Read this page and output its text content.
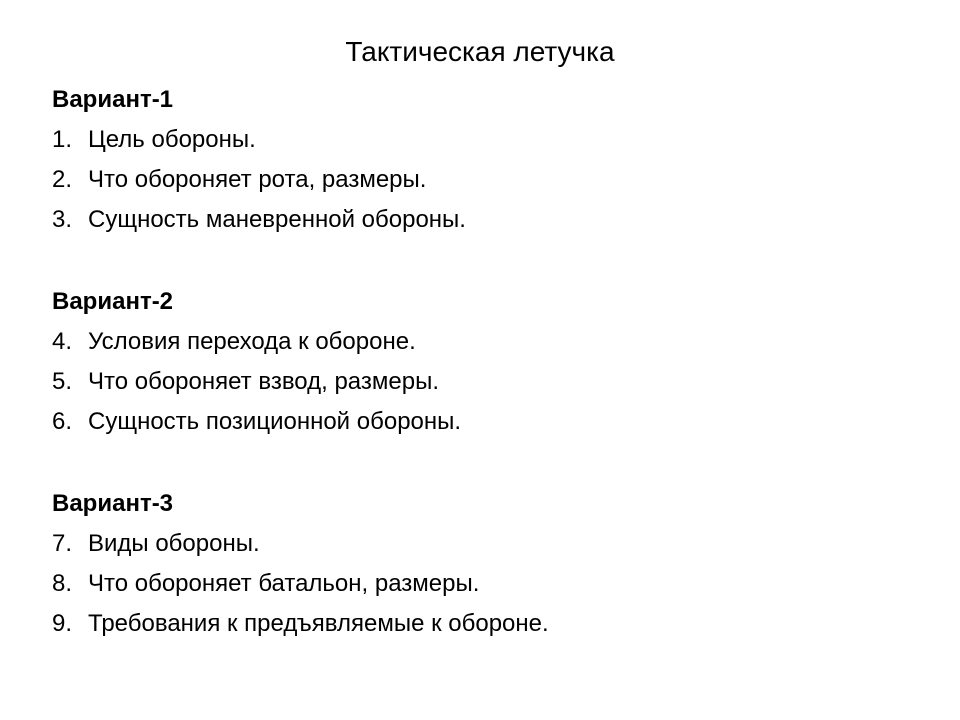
Тактическая летучка
Вариант-1
1. Цель обороны.
2. Что обороняет рота, размеры.
3. Сущность маневренной обороны.
Вариант-2
4. Условия перехода к обороне.
5. Что обороняет взвод, размеры.
6. Сущность позиционной обороны.
Вариант-3
7. Виды обороны.
8. Что обороняет батальон, размеры.
9. Требования к предъявляемые к обороне.
